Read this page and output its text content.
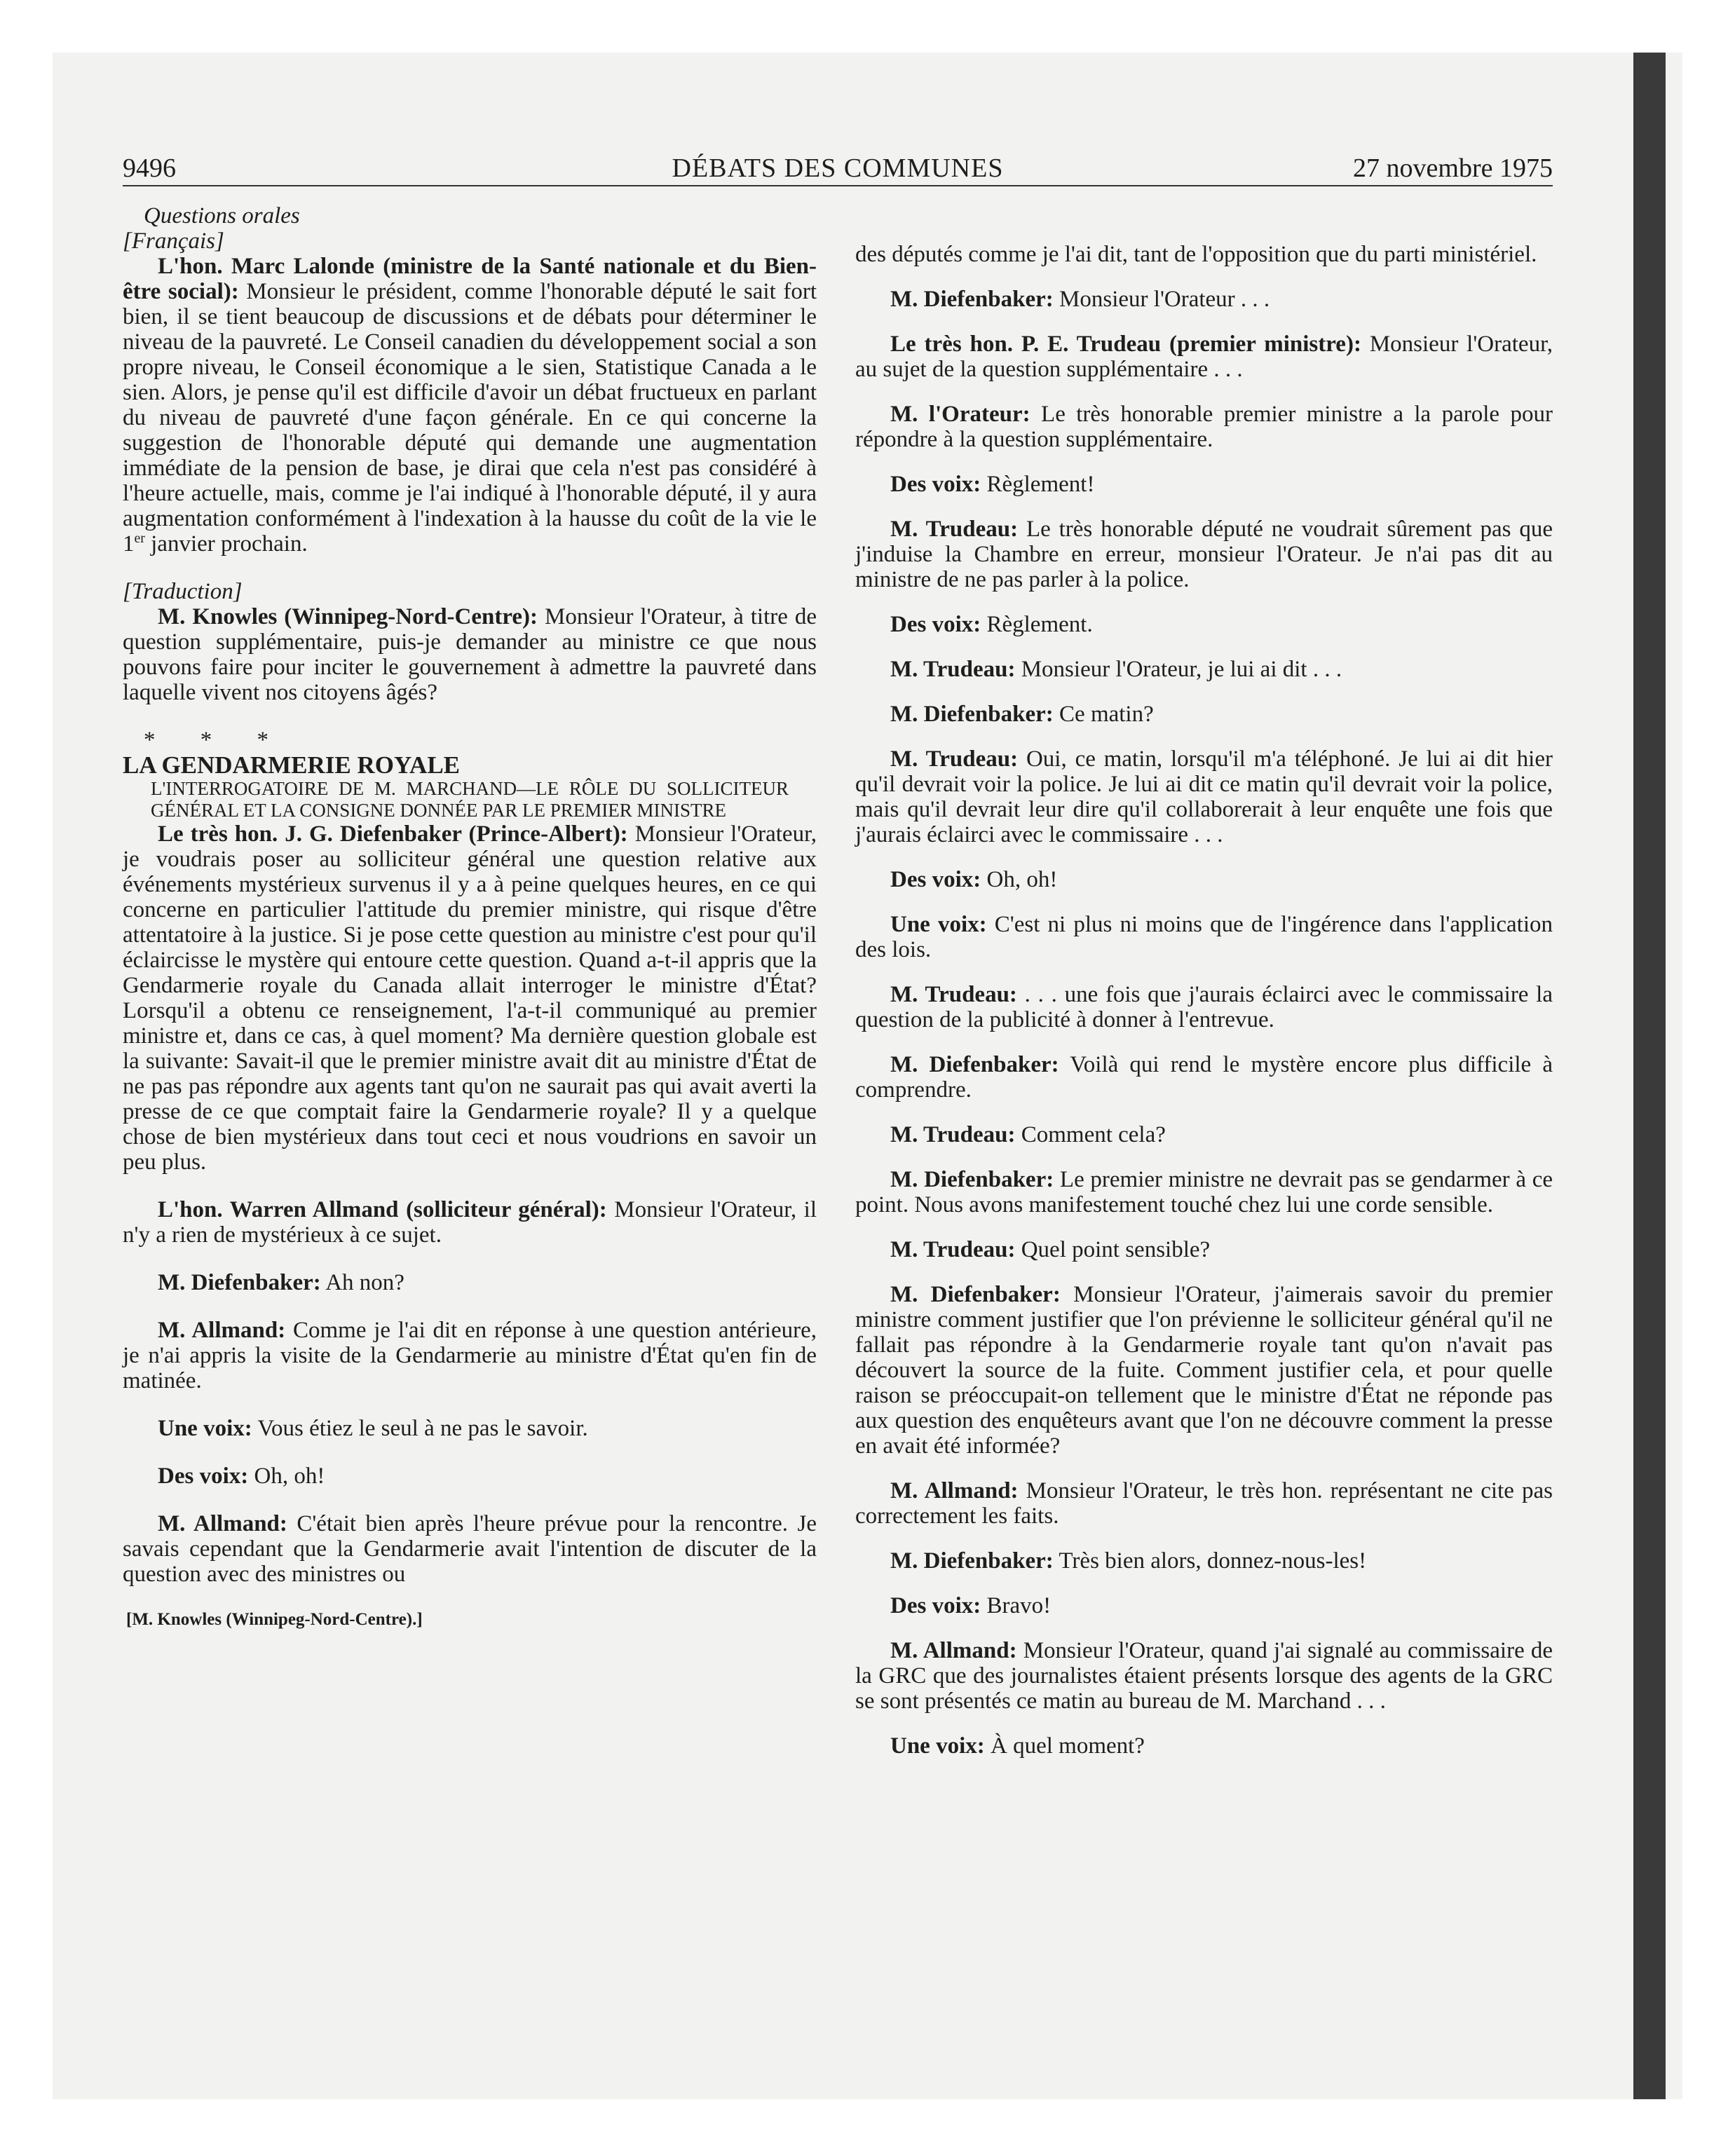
9496	DÉBATS DES COMMUNES	27 novembre 1975

Questions orales

[Français]

L'hon. Marc Lalonde (ministre de la Santé nationale et du Bien-être social): Monsieur le président, comme l'honorable député le sait fort bien, il se tient beaucoup de discussions et de débats pour déterminer le niveau de la pauvreté. Le Conseil canadien du développement social a son propre niveau, le Conseil économique a le sien, Statistique Canada a le sien. Alors, je pense qu'il est difficile d'avoir un débat fructueux en parlant du niveau de pauvreté d'une façon générale. En ce qui concerne la suggestion de l'honorable député qui demande une augmentation immédiate de la pension de base, je dirai que cela n'est pas considéré à l'heure actuelle, mais, comme je l'ai indiqué à l'honorable député, il y aura augmentation conformément à l'indexation à la hausse du coût de la vie le 1er janvier prochain.

[Traduction]

M. Knowles (Winnipeg-Nord-Centre): Monsieur l'Orateur, à titre de question supplémentaire, puis-je demander au ministre ce que nous pouvons faire pour inciter le gouvernement à admettre la pauvreté dans laquelle vivent nos citoyens âgés?

* * *

LA GENDARMERIE ROYALE

L'INTERROGATOIRE DE M. MARCHAND—LE RÔLE DU SOLLICITEUR GÉNÉRAL ET LA CONSIGNE DONNÉE PAR LE PREMIER MINISTRE

Le très hon. J. G. Diefenbaker (Prince-Albert): Monsieur l'Orateur, je voudrais poser au solliciteur général une question relative aux événements mystérieux survenus il y a à peine quelques heures, en ce qui concerne en particulier l'attitude du premier ministre, qui risque d'être attentatoire à la justice. Si je pose cette question au ministre c'est pour qu'il éclaircisse le mystère qui entoure cette question. Quand a-t-il appris que la Gendarmerie royale du Canada allait interroger le ministre d'État? Lorsqu'il a obtenu ce renseignement, l'a-t-il communiqué au premier ministre et, dans ce cas, à quel moment? Ma dernière question globale est la suivante: Savait-il que le premier ministre avait dit au ministre d'État de ne pas pas répondre aux agents tant qu'on ne saurait pas qui avait averti la presse de ce que comptait faire la Gendarmerie royale? Il y a quelque chose de bien mystérieux dans tout ceci et nous voudrions en savoir un peu plus.

L'hon. Warren Allmand (solliciteur général): Monsieur l'Orateur, il n'y a rien de mystérieux à ce sujet.

M. Diefenbaker: Ah non?

M. Allmand: Comme je l'ai dit en réponse à une question antérieure, je n'ai appris la visite de la Gendarmerie au ministre d'État qu'en fin de matinée.

Une voix: Vous étiez le seul à ne pas le savoir.

Des voix: Oh, oh!

M. Allmand: C'était bien après l'heure prévue pour la rencontre. Je savais cependant que la Gendarmerie avait l'intention de discuter de la question avec des ministres ou

[M. Knowles (Winnipeg-Nord-Centre).]

des députés comme je l'ai dit, tant de l'opposition que du parti ministériel.

M. Diefenbaker: Monsieur l'Orateur . . .

Le très hon. P. E. Trudeau (premier ministre): Monsieur l'Orateur, au sujet de la question supplémentaire . . .

M. l'Orateur: Le très honorable premier ministre a la parole pour répondre à la question supplémentaire.

Des voix: Règlement!

M. Trudeau: Le très honorable député ne voudrait sûrement pas que j'induise la Chambre en erreur, monsieur l'Orateur. Je n'ai pas dit au ministre de ne pas parler à la police.

Des voix: Règlement.

M. Trudeau: Monsieur l'Orateur, je lui ai dit . . .

M. Diefenbaker: Ce matin?

M. Trudeau: Oui, ce matin, lorsqu'il m'a téléphoné. Je lui ai dit hier qu'il devrait voir la police. Je lui ai dit ce matin qu'il devrait voir la police, mais qu'il devrait leur dire qu'il collaborerait à leur enquête une fois que j'aurais éclairci avec le commissaire . . .

Des voix: Oh, oh!

Une voix: C'est ni plus ni moins que de l'ingérence dans l'application des lois.

M. Trudeau: . . . une fois que j'aurais éclairci avec le commissaire la question de la publicité à donner à l'entrevue.

M. Diefenbaker: Voilà qui rend le mystère encore plus difficile à comprendre.

M. Trudeau: Comment cela?

M. Diefenbaker: Le premier ministre ne devrait pas se gendarmer à ce point. Nous avons manifestement touché chez lui une corde sensible.

M. Trudeau: Quel point sensible?

M. Diefenbaker: Monsieur l'Orateur, j'aimerais savoir du premier ministre comment justifier que l'on prévienne le solliciteur général qu'il ne fallait pas répondre à la Gendarmerie royale tant qu'on n'avait pas découvert la source de la fuite. Comment justifier cela, et pour quelle raison se préoccupait-on tellement que le ministre d'État ne réponde pas aux question des enquêteurs avant que l'on ne découvre comment la presse en avait été informée?

M. Allmand: Monsieur l'Orateur, le très hon. représentant ne cite pas correctement les faits.

M. Diefenbaker: Très bien alors, donnez-nous-les!

Des voix: Bravo!

M. Allmand: Monsieur l'Orateur, quand j'ai signalé au commissaire de la GRC que des journalistes étaient présents lorsque des agents de la GRC se sont présentés ce matin au bureau de M. Marchand . . .

Une voix: À quel moment?
